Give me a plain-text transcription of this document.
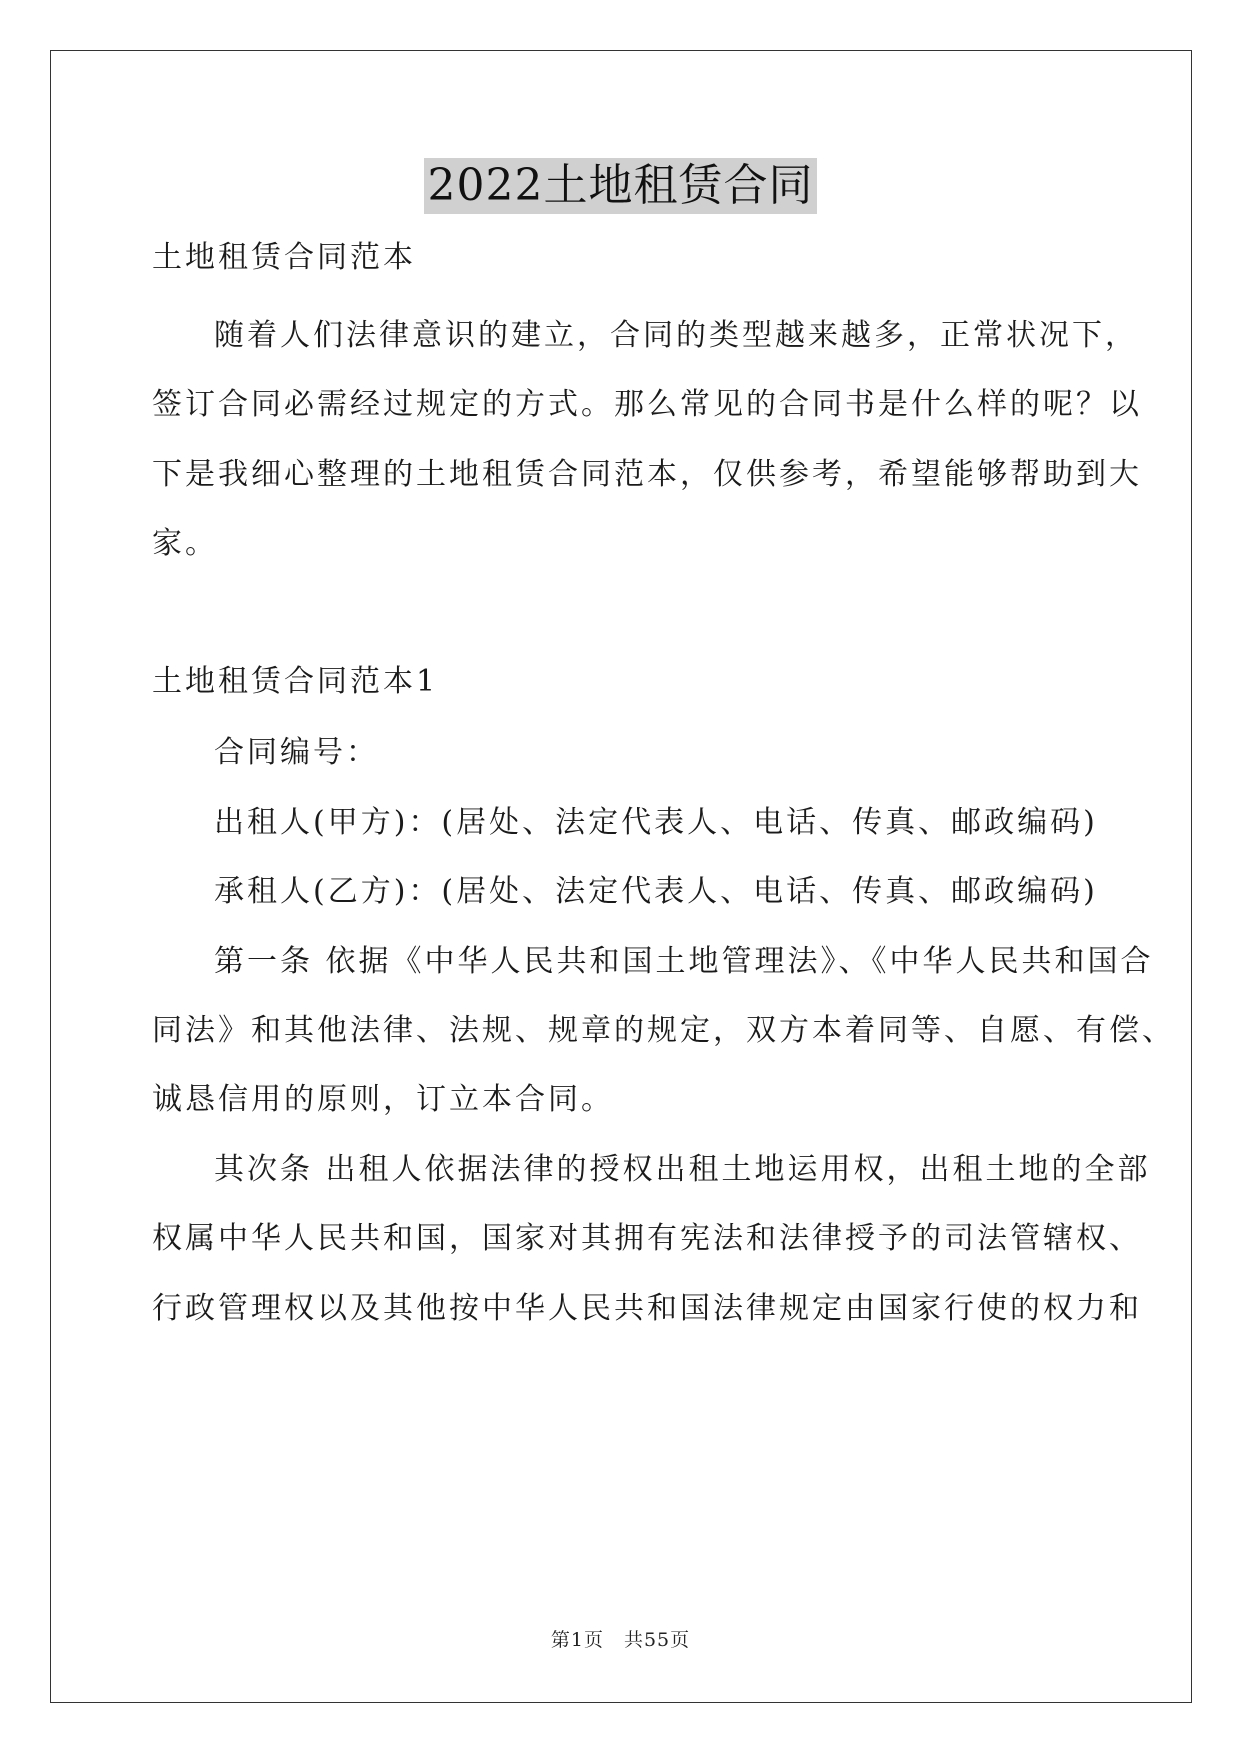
2022土地租赁合同
土地租赁合同范本
随着人们法律意识的建立，合同的类型越来越多，正常状况下，
签订合同必需经过规定的方式。那么常见的合同书是什么样的呢？以
下是我细心整理的土地租赁合同范本，仅供参考，希望能够帮助到大
家。
土地租赁合同范本1
合同编号：
出租人(甲方)：(居处、法定代表人、电话、传真、邮政编码)
承租人(乙方)：(居处、法定代表人、电话、传真、邮政编码)
第一条 依据《中华人民共和国土地管理法》、《中华人民共和国合
同法》和其他法律、法规、规章的规定，双方本着同等、自愿、有偿、
诚恳信用的原则，订立本合同。
其次条 出租人依据法律的授权出租土地运用权，出租土地的全部
权属中华人民共和国，国家对其拥有宪法和法律授予的司法管辖权、
行政管理权以及其他按中华人民共和国法律规定由国家行使的权力和
第1页　共55页
